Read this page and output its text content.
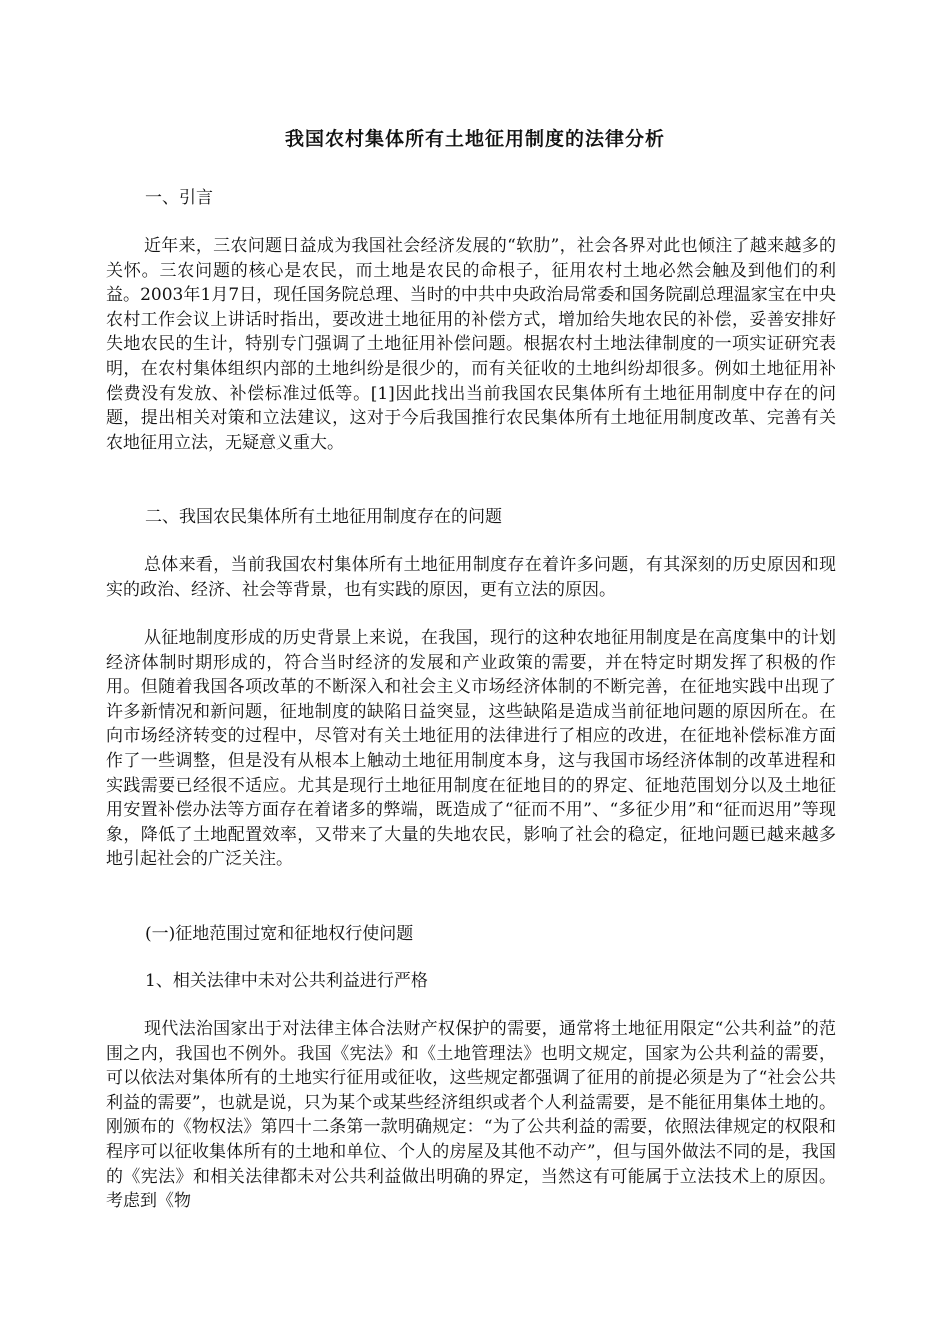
我国农村集体所有土地征用制度的法律分析
一、引言

近年来，三农问题日益成为我国社会经济发展的“软肋”，社会各界对此也倾注了越来越多的关怀。三农问题的核心是农民，而土地是农民的命根子，征用农村土地必然会触及到他们的利益。2003年1月7日，现任国务院总理、当时的中共中央政治局常委和国务院副总理温家宝在中央农村工作会议上讲话时指出，要改进土地征用的补偿方式，增加给失地农民的补偿，妥善安排好失地农民的生计，特别专门强调了土地征用补偿问题。根据农村土地法律制度的一项实证研究表明，在农村集体组织内部的土地纠纷是很少的，而有关征收的土地纠纷却很多。例如土地征用补偿费没有发放、补偿标准过低等。[1]因此找出当前我国农民集体所有土地征用制度中存在的问题，提出相关对策和立法建议，这对于今后我国推行农民集体所有土地征用制度改革、完善有关农地征用立法，无疑意义重大。

二、我国农民集体所有土地征用制度存在的问题

总体来看，当前我国农村集体所有土地征用制度存在着许多问题，有其深刻的历史原因和现实的政治、经济、社会等背景，也有实践的原因，更有立法的原因。

从征地制度形成的历史背景上来说，在我国，现行的这种农地征用制度是在高度集中的计划经济体制时期形成的，符合当时经济的发展和产业政策的需要，并在特定时期发挥了积极的作用。但随着我国各项改革的不断深入和社会主义市场经济体制的不断完善，在征地实践中出现了许多新情况和新问题，征地制度的缺陷日益突显，这些缺陷是造成当前征地问题的原因所在。在向市场经济转变的过程中，尽管对有关土地征用的法律进行了相应的改进，在征地补偿标准方面作了一些调整，但是没有从根本上触动土地征用制度本身，这与我国市场经济体制的改革进程和实践需要已经很不适应。尤其是现行土地征用制度在征地目的的界定、征地范围划分以及土地征用安置补偿办法等方面存在着诸多的弊端，既造成了“征而不用”、“多征少用”和“征而迟用”等现象，降低了土地配置效率，又带来了大量的失地农民，影响了社会的稳定，征地问题已越来越多地引起社会的广泛关注。

(一)征地范围过宽和征地权行使问题
1、相关法律中未对公共利益进行严格

现代法治国家出于对法律主体合法财产权保护的需要，通常将土地征用限定“公共利益”的范围之内，我国也不例外。我国《宪法》和《土地管理法》也明文规定，国家为公共利益的需要，可以依法对集体所有的土地实行征用或征收，这些规定都强调了征用的前提必须是为了“社会公共利益的需要”，也就是说，只为某个或某些经济组织或者个人利益需要，是不能征用集体土地的。刚颁布的《物权法》第四十二条第一款明确规定：“为了公共利益的需要，依照法律规定的权限和程序可以征收集体所有的土地和单位、个人的房屋及其他不动产”，但与国外做法不同的是，我国的《宪法》和相关法律都未对公共利益做出明确的界定，当然这有可能属于立法技术上的原因。考虑到《物
